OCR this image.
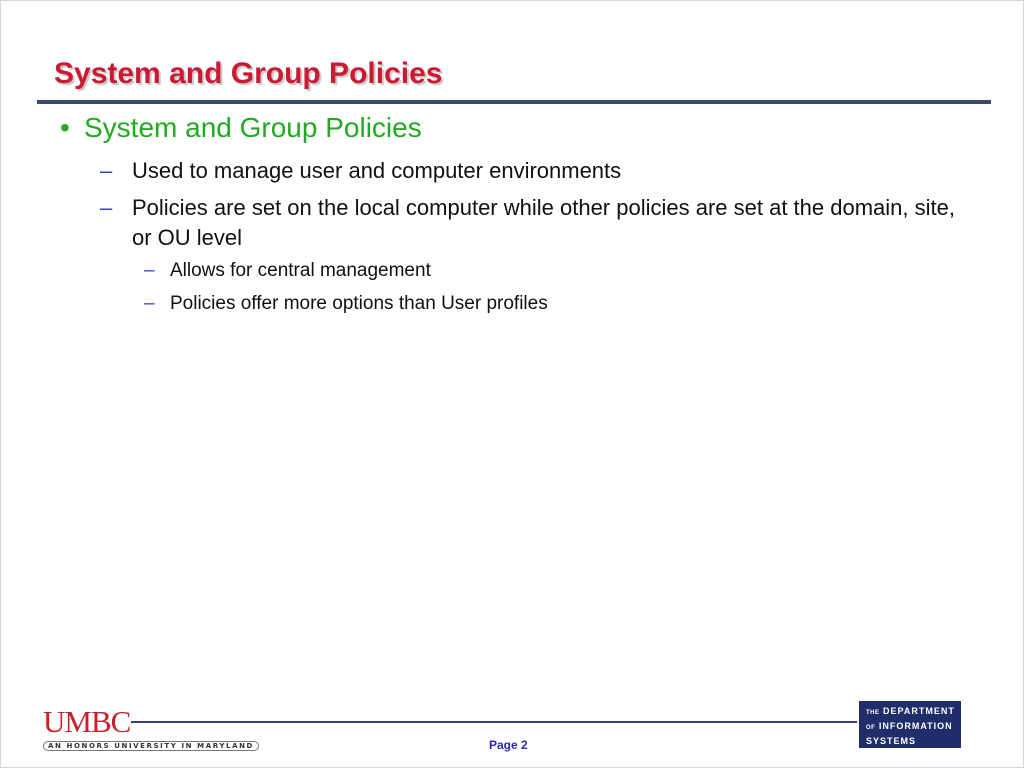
System and Group Policies
• System and Group Policies
– Used to manage user and computer environments
– Policies are set on the local computer while other policies are set at the domain, site, or OU level
– Allows for central management
– Policies offer more options than User profiles
UMBC
AN HONORS UNIVERSITY IN MARYLAND	Page 2
THE DEPARTMENT
OF INFORMATION
SYSTEMS
